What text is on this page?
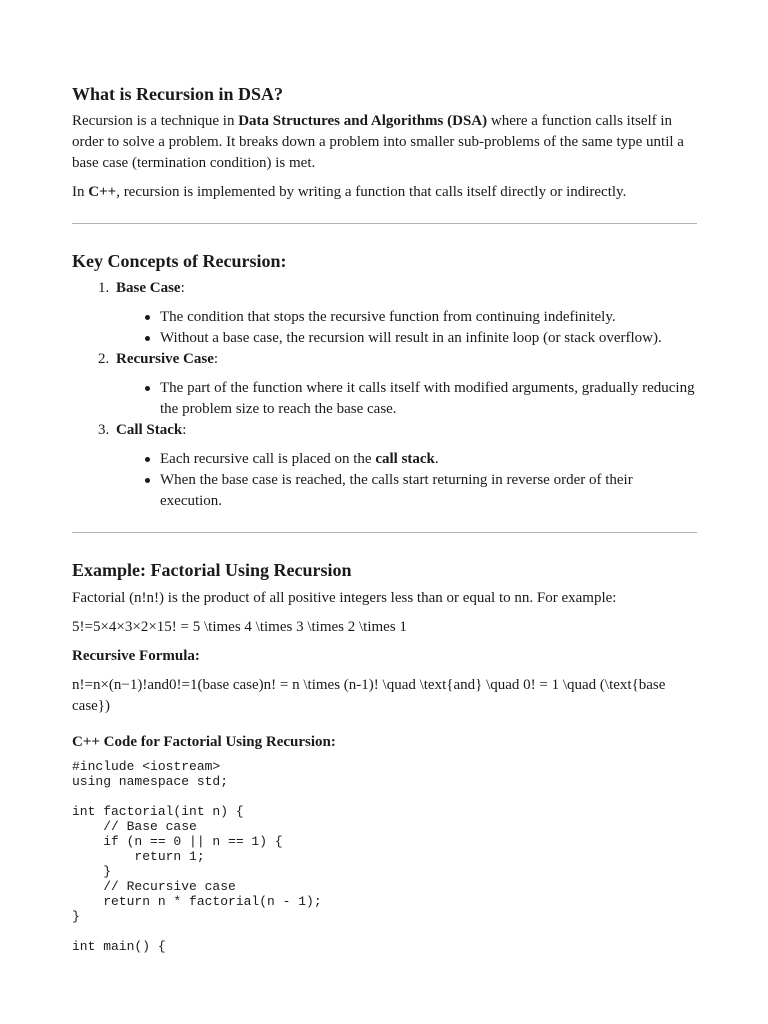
What is Recursion in DSA?

Recursion is a technique in Data Structures and Algorithms (DSA) where a function calls itself in order to solve a problem. It breaks down a problem into smaller sub-problems of the same type until a base case (termination condition) is met.

In C++, recursion is implemented by writing a function that calls itself directly or indirectly.

Key Concepts of Recursion:
1. Base Case:
The condition that stops the recursive function from continuing indefinitely.
Without a base case, the recursion will result in an infinite loop (or stack overflow).
2. Recursive Case:
The part of the function where it calls itself with modified arguments, gradually reducing the problem size to reach the base case.
3. Call Stack:
Each recursive call is placed on the call stack.
When the base case is reached, the calls start returning in reverse order of their execution.
Example: Factorial Using Recursion

Factorial (n!n!) is the product of all positive integers less than or equal to nn. For example:

5!=5×4×3×2×15! = 5 \times 4 \times 3 \times 2 \times 1

Recursive Formula:

n!=n×(n−1)!and0!=1(base case)n! = n \times (n-1)! \quad \text{and} \quad 0! = 1 \quad (\text{base case})

C++ Code for Factorial Using Recursion:
#include <iostream>
using namespace std;

int factorial(int n) {
// Base case
if (n == 0 || n == 1) {
return 1;
}
// Recursive case
return n * factorial(n - 1);
}

int main() {
